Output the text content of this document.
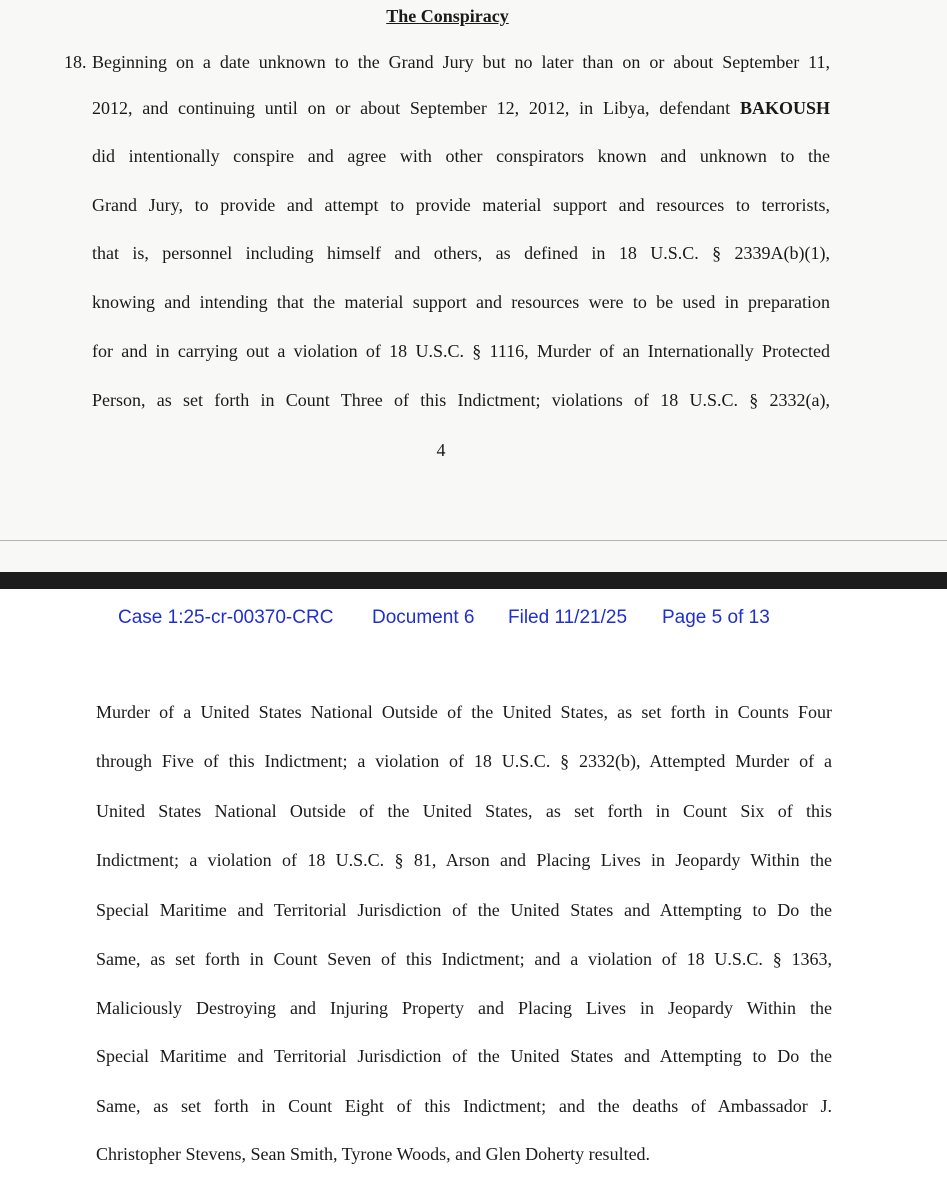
The Conspiracy
18. Beginning on a date unknown to the Grand Jury but no later than on or about September 11,
2012, and continuing until on or about September 12, 2012, in Libya, defendant BAKOUSH
did intentionally conspire and agree with other conspirators known and unknown to the
Grand Jury, to provide and attempt to provide material support and resources to terrorists,
that is, personnel including himself and others, as defined in 18 U.S.C. § 2339A(b)(1),
knowing and intending that the material support and resources were to be used in preparation
for and in carrying out a violation of 18 U.S.C. § 1116, Murder of an Internationally Protected
Person, as set forth in Count Three of this Indictment; violations of 18 U.S.C. § 2332(a),
4
Case 1:25-cr-00370-CRC Document 6 Filed 11/21/25 Page 5 of 13
Murder of a United States National Outside of the United States, as set forth in Counts Four
through Five of this Indictment; a violation of 18 U.S.C. § 2332(b), Attempted Murder of a
United States National Outside of the United States, as set forth in Count Six of this
Indictment; a violation of 18 U.S.C. § 81, Arson and Placing Lives in Jeopardy Within the
Special Maritime and Territorial Jurisdiction of the United States and Attempting to Do the
Same, as set forth in Count Seven of this Indictment; and a violation of 18 U.S.C. § 1363,
Maliciously Destroying and Injuring Property and Placing Lives in Jeopardy Within the
Special Maritime and Territorial Jurisdiction of the United States and Attempting to Do the
Same, as set forth in Count Eight of this Indictment; and the deaths of Ambassador J.
Christopher Stevens, Sean Smith, Tyrone Woods, and Glen Doherty resulted.
